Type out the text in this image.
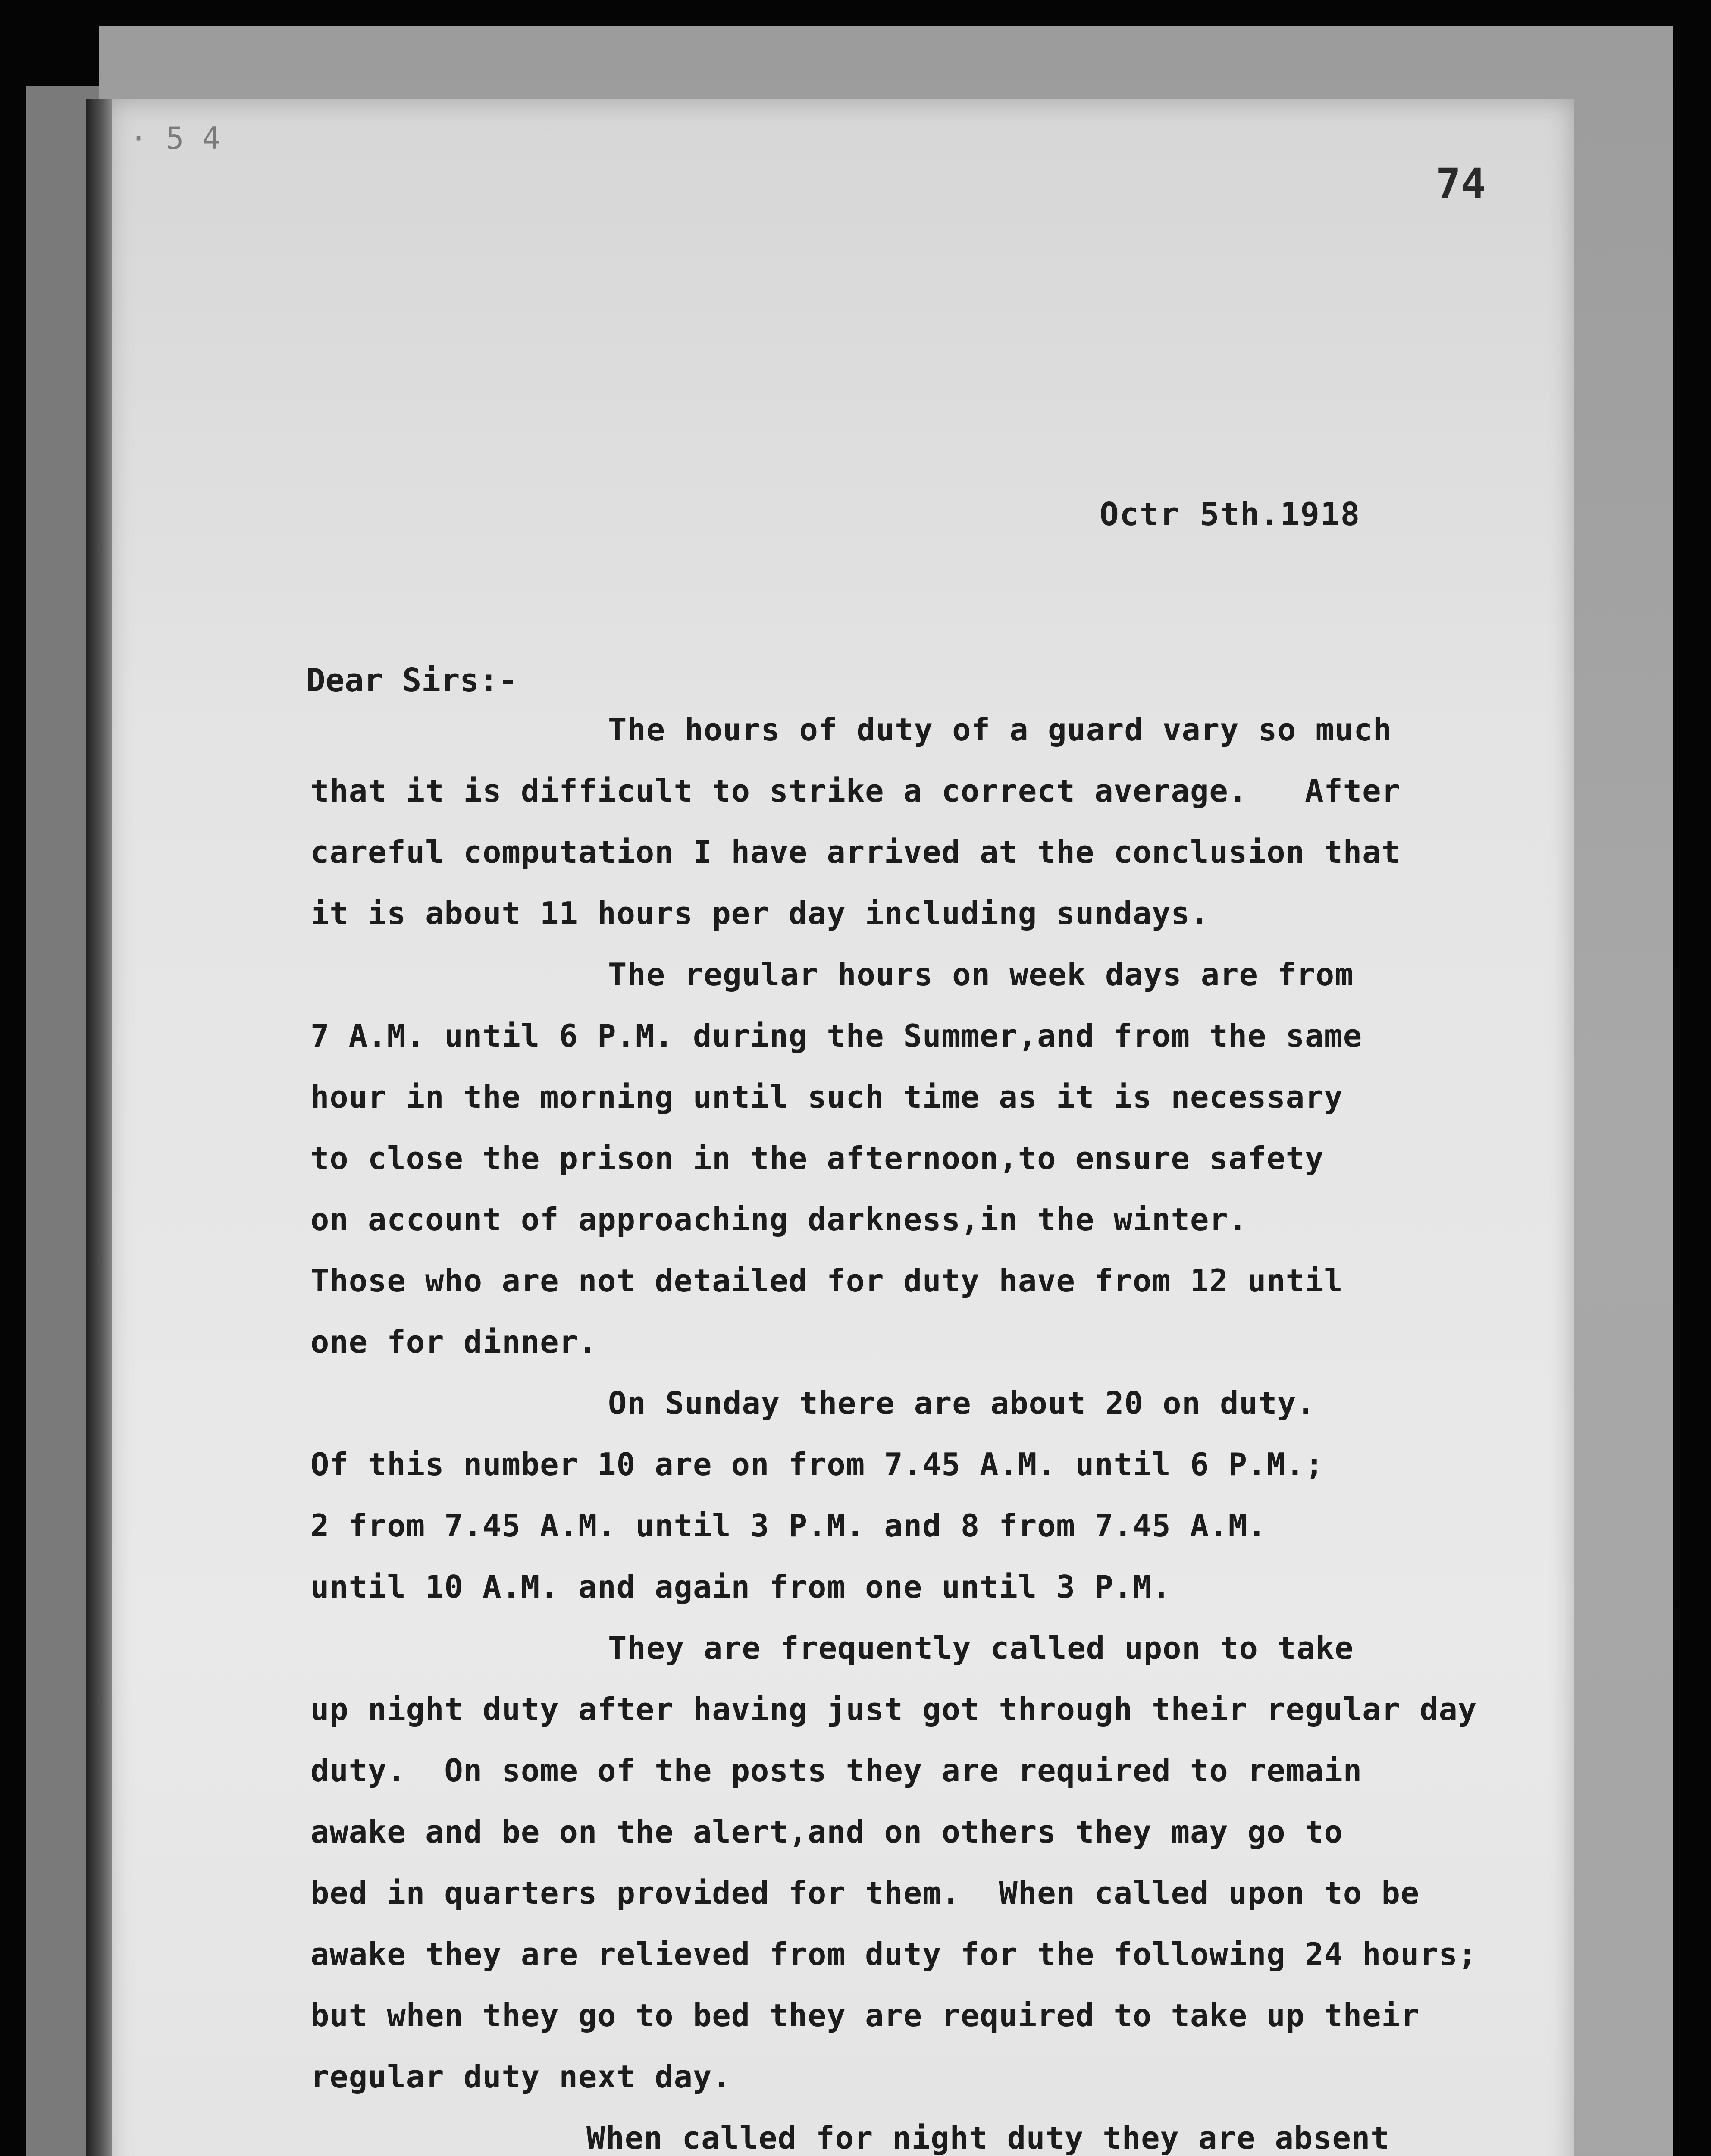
· 5 4
74
Octr 5th.1918
Dear Sirs:-
The hours of duty of a guard vary so much
that it is difficult to strike a correct average.   After
careful computation I have arrived at the conclusion that
it is about 11 hours per day including sundays.
The regular hours on week days are from
7 A.M. until 6 P.M. during the Summer,and from the same
hour in the morning until such time as it is necessary
to close the prison in the afternoon,to ensure safety
on account of approaching darkness,in the winter.
Those who are not detailed for duty have from 12 until
one for dinner.
On Sunday there are about 20 on duty.
Of this number 10 are on from 7.45 A.M. until 6 P.M.;
2 from 7.45 A.M. until 3 P.M. and 8 from 7.45 A.M.
until 10 A.M. and again from one until 3 P.M.
They are frequently called upon to take
up night duty after having just got through their regular day
duty.  On some of the posts they are required to remain
awake and be on the alert,and on others they may go to
bed in quarters provided for them.  When called upon to be
awake they are relieved from duty for the following 24 hours;
but when they go to bed they are required to take up their
regular duty next day.
When called for night duty they are absent
